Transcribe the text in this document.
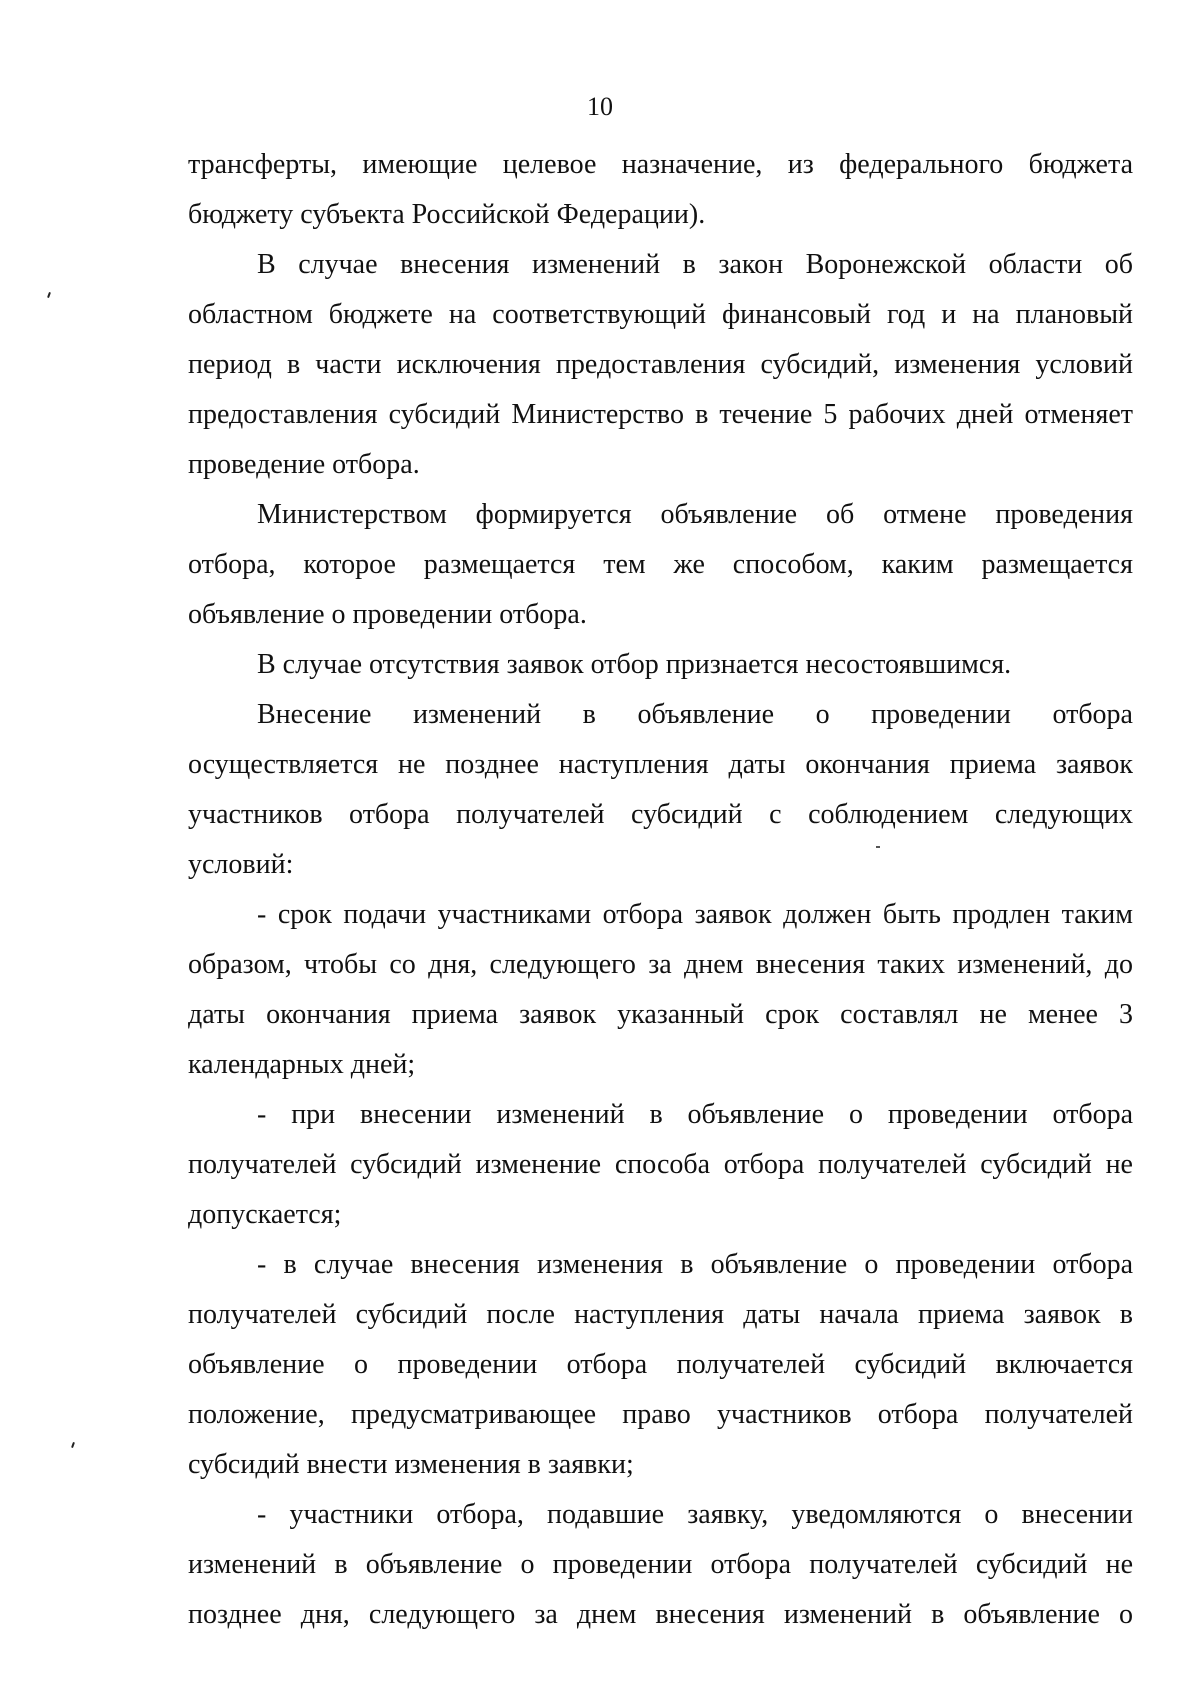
10
трансферты, имеющие целевое назначение, из федерального бюджета
бюджету субъекта Российской Федерации).
В случае внесения изменений в закон Воронежской области об
областном бюджете на соответствующий финансовый год и на плановый
период в части исключения предоставления субсидий, изменения условий
предоставления субсидий Министерство в течение 5 рабочих дней отменяет
проведение отбора.
Министерством формируется объявление об отмене проведения
отбора, которое размещается тем же способом, каким размещается
объявление о проведении отбора.
В случае отсутствия заявок отбор признается несостоявшимся.
Внесение изменений в объявление о проведении отбора
осуществляется не позднее наступления даты окончания приема заявок
участников отбора получателей субсидий с соблюдением следующих
условий:
- срок подачи участниками отбора заявок должен быть продлен таким
образом, чтобы со дня, следующего за днем внесения таких изменений, до
даты окончания приема заявок указанный срок составлял не менее 3
календарных дней;
- при внесении изменений в объявление о проведении отбора
получателей субсидий изменение способа отбора получателей субсидий не
допускается;
- в случае внесения изменения в объявление о проведении отбора
получателей субсидий после наступления даты начала приема заявок в
объявление о проведении отбора получателей субсидий включается
положение, предусматривающее право участников отбора получателей
субсидий внести изменения в заявки;
- участники отбора, подавшие заявку, уведомляются о внесении
изменений в объявление о проведении отбора получателей субсидий не
позднее дня, следующего за днем внесения изменений в объявление о
